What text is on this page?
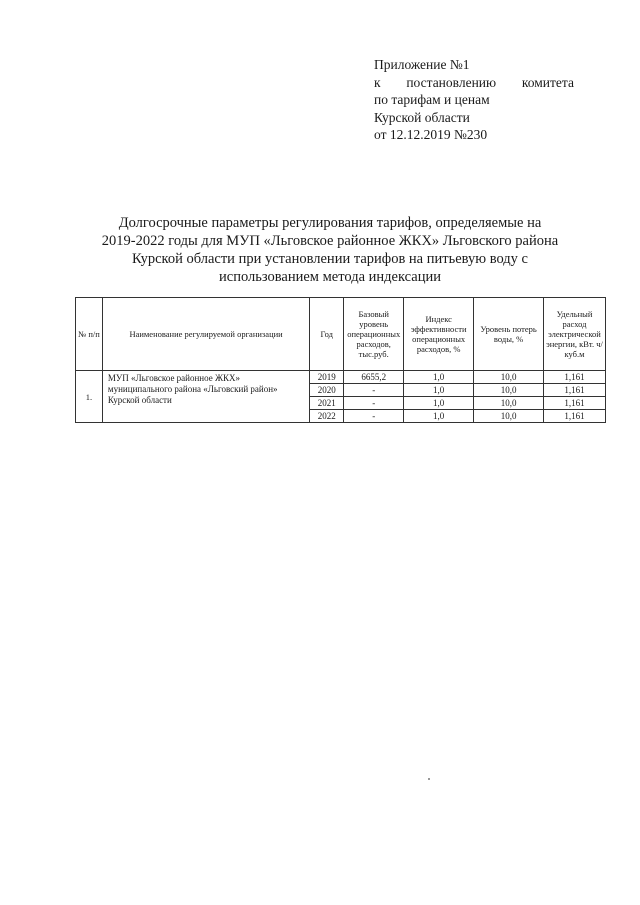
Приложение №1
к постановлению комитета
по тарифам и ценам
Курской области
от 12.12.2019 №230
Долгосрочные параметры регулирования тарифов, определяемые на
2019-2022 годы для МУП «Льговское районное ЖКХ» Льговского района
Курской области при установлении тарифов на питьевую воду с
использованием метода индексации
№ п/п	Наименование регулируемой организации	Год	Базовый уровень операционных расходов, тыс.руб.	Индекс эффективности операционных расходов, %	Уровень потерь воды, %	Удельный расход электрической энергии, кВт. ч/куб.м
1.	МУП «Льговское районное ЖКХ» муниципального района «Льговский район» Курской области	2019	6655,2	1,0	10,0	1,161
		2020	-	1,0	10,0	1,161
		2021	-	1,0	10,0	1,161
		2022	-	1,0	10,0	1,161
